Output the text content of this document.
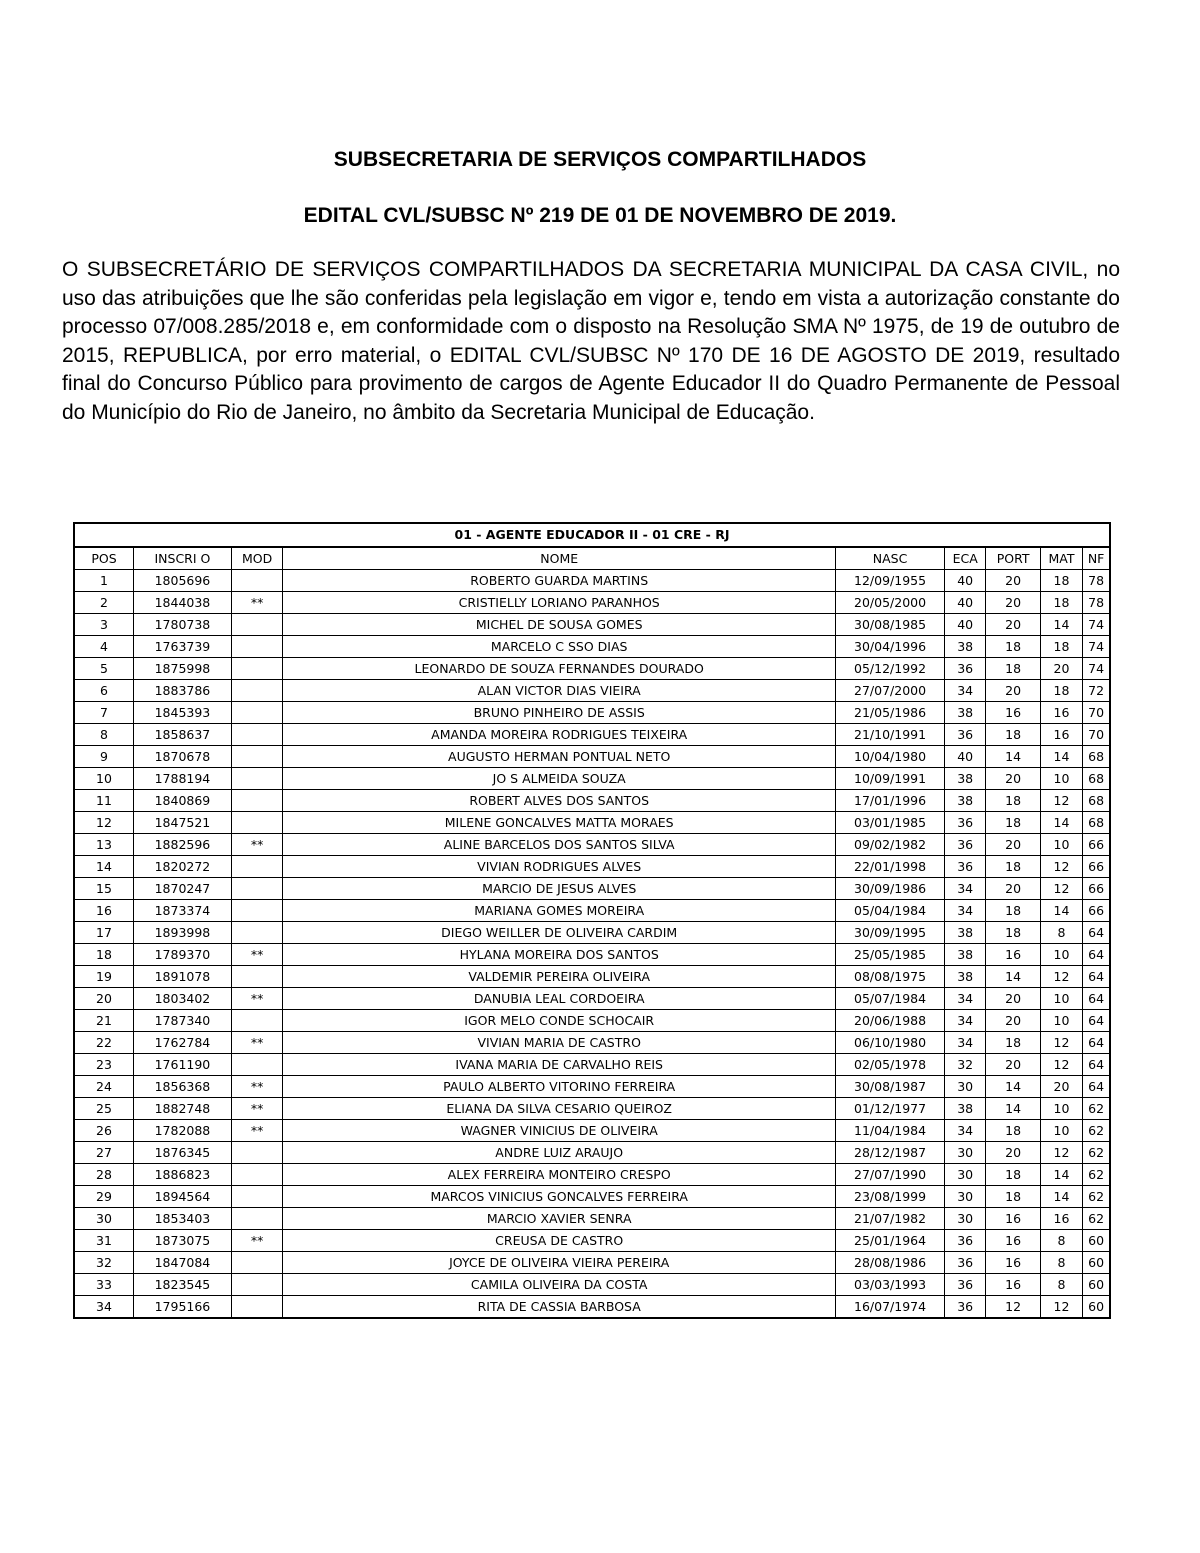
SUBSECRETARIA DE SERVIÇOS COMPARTILHADOS
EDITAL CVL/SUBSC Nº 219 DE 01 DE NOVEMBRO DE 2019.
O SUBSECRETÁRIO DE SERVIÇOS COMPARTILHADOS DA SECRETARIA MUNICIPAL DA CASA CIVIL, no uso das atribuições que lhe são conferidas pela legislação em vigor e, tendo em vista a autorização constante do processo 07/008.285/2018 e, em conformidade com o disposto na Resolução SMA Nº 1975, de 19 de outubro de 2015, REPUBLICA, por erro material, o EDITAL CVL/SUBSC Nº 170 DE 16 DE AGOSTO DE 2019, resultado final do Concurso Público para provimento de cargos de Agente Educador II do Quadro Permanente de Pessoal do Município do Rio de Janeiro, no âmbito da Secretaria Municipal de Educação.
01 - AGENTE EDUCADOR II - 01 CRE - RJ								
POS	INSCRI O	MOD	NOME	NASC	ECA	PORT	MAT	NF
1	1805696		ROBERTO GUARDA MARTINS	12/09/1955	40	20	18	78
2	1844038	**	CRISTIELLY LORIANO PARANHOS	20/05/2000	40	20	18	78
3	1780738		MICHEL DE SOUSA GOMES	30/08/1985	40	20	14	74
4	1763739		MARCELO C SSO DIAS	30/04/1996	38	18	18	74
5	1875998		LEONARDO DE SOUZA FERNANDES DOURADO	05/12/1992	36	18	20	74
6	1883786		ALAN VICTOR DIAS VIEIRA	27/07/2000	34	20	18	72
7	1845393		BRUNO PINHEIRO DE ASSIS	21/05/1986	38	16	16	70
8	1858637		AMANDA MOREIRA RODRIGUES TEIXEIRA	21/10/1991	36	18	16	70
9	1870678		AUGUSTO HERMAN PONTUAL NETO	10/04/1980	40	14	14	68
10	1788194		JO S ALMEIDA SOUZA	10/09/1991	38	20	10	68
11	1840869		ROBERT ALVES DOS SANTOS	17/01/1996	38	18	12	68
12	1847521		MILENE GONCALVES MATTA MORAES	03/01/1985	36	18	14	68
13	1882596	**	ALINE BARCELOS DOS SANTOS SILVA	09/02/1982	36	20	10	66
14	1820272		VIVIAN RODRIGUES ALVES	22/01/1998	36	18	12	66
15	1870247		MARCIO DE JESUS ALVES	30/09/1986	34	20	12	66
16	1873374		MARIANA GOMES MOREIRA	05/04/1984	34	18	14	66
17	1893998		DIEGO WEILLER DE OLIVEIRA CARDIM	30/09/1995	38	18	8	64
18	1789370	**	HYLANA MOREIRA DOS SANTOS	25/05/1985	38	16	10	64
19	1891078		VALDEMIR PEREIRA OLIVEIRA	08/08/1975	38	14	12	64
20	1803402	**	DANUBIA LEAL CORDOEIRA	05/07/1984	34	20	10	64
21	1787340		IGOR MELO CONDE SCHOCAIR	20/06/1988	34	20	10	64
22	1762784	**	VIVIAN MARIA DE CASTRO	06/10/1980	34	18	12	64
23	1761190		IVANA MARIA DE CARVALHO REIS	02/05/1978	32	20	12	64
24	1856368	**	PAULO ALBERTO VITORINO FERREIRA	30/08/1987	30	14	20	64
25	1882748	**	ELIANA DA SILVA CESARIO QUEIROZ	01/12/1977	38	14	10	62
26	1782088	**	WAGNER VINICIUS DE OLIVEIRA	11/04/1984	34	18	10	62
27	1876345		ANDRE LUIZ ARAUJO	28/12/1987	30	20	12	62
28	1886823		ALEX FERREIRA MONTEIRO CRESPO	27/07/1990	30	18	14	62
29	1894564		MARCOS VINICIUS GONCALVES FERREIRA	23/08/1999	30	18	14	62
30	1853403		MARCIO XAVIER SENRA	21/07/1982	30	16	16	62
31	1873075	**	CREUSA DE CASTRO	25/01/1964	36	16	8	60
32	1847084		JOYCE DE OLIVEIRA VIEIRA PEREIRA	28/08/1986	36	16	8	60
33	1823545		CAMILA OLIVEIRA DA COSTA	03/03/1993	36	16	8	60
34	1795166		RITA DE CASSIA BARBOSA	16/07/1974	36	12	12	60
